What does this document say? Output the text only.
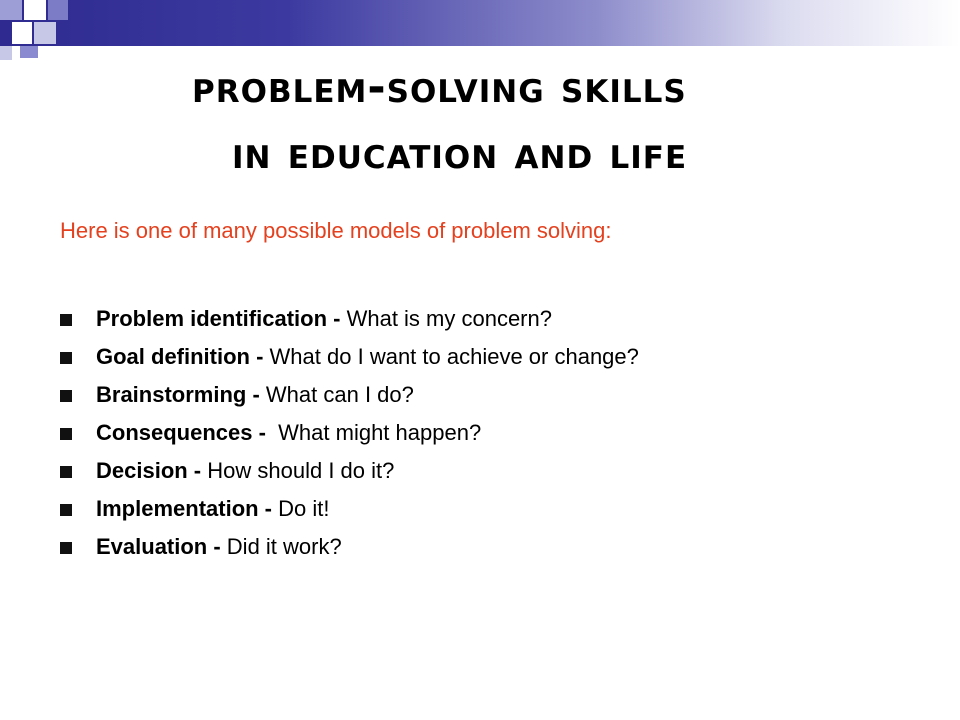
problem-solving skills
in education and life

Here is one of many possible models of problem solving:

Problem identification - What is my concern?
Goal definition - What do I want to achieve or change?
Brainstorming - What can I do?
Consequences -  What might happen?
Decision - How should I do it?
Implementation - Do it!
Evaluation - Did it work?
